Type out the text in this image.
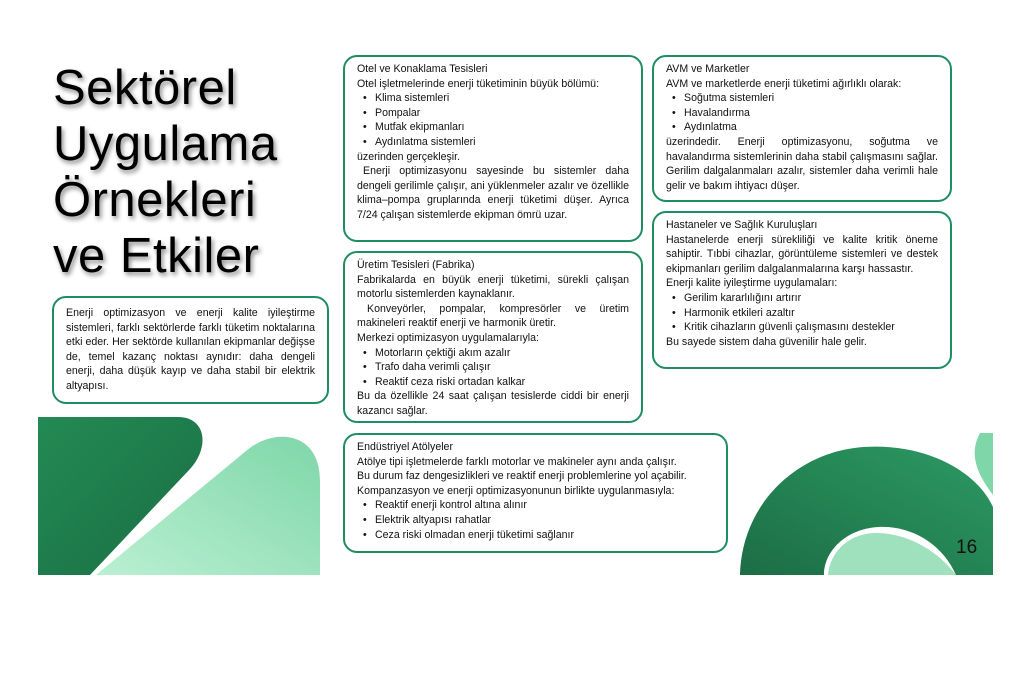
Sektörel
Uygulama
Örnekleri
ve Etkiler

Enerji optimizasyon ve enerji kalite iyileştirme sistemleri, farklı sektörlerde farklı tüketim noktalarına etki eder. Her sektörde kullanılan ekipmanlar değişse de, temel kazanç noktası aynıdır: daha dengeli enerji, daha düşük kayıp ve daha stabil bir elektrik altyapısı.

Otel ve Konaklama Tesisleri

Otel işletmelerinde enerji tüketiminin büyük bölümü:

• Klima sistemleri
• Pompalar
• Mutfak ekipmanları
• Aydınlatma sistemleri

üzerinden gerçekleşir.

Enerji optimizasyonu sayesinde bu sistemler daha dengeli gerilimle çalışır, ani yüklenmeler azalır ve özellikle klima–pompa gruplarında enerji tüketimi düşer. Ayrıca 7/24 çalışan sistemlerde ekipman ömrü uzar.

Üretim Tesisleri (Fabrika)

Fabrikalarda en büyük enerji tüketimi, sürekli çalışan motorlu sistemlerden kaynaklanır.

Konveyörler, pompalar, kompresörler ve üretim makineleri reaktif enerji ve harmonik üretir.

Merkezi optimizasyon uygulamalarıyla:

• Motorların çektiği akım azalır
• Trafo daha verimli çalışır
• Reaktif ceza riski ortadan kalkar

Bu da özellikle 24 saat çalışan tesislerde ciddi bir enerji kazancı sağlar.

AVM ve Marketler

AVM ve marketlerde enerji tüketimi ağırlıklı olarak:

• Soğutma sistemleri
• Havalandırma
• Aydınlatma

üzerindedir. Enerji optimizasyonu, soğutma ve havalandırma sistemlerinin daha stabil çalışmasını sağlar. Gerilim dalgalanmaları azalır, sistemler daha verimli hale gelir ve bakım ihtiyacı düşer.

Hastaneler ve Sağlık Kuruluşları

Hastanelerde enerji sürekliliği ve kalite kritik öneme sahiptir. Tıbbi cihazlar, görüntüleme sistemleri ve destek ekipmanları gerilim dalgalanmalarına karşı hassastır.

Enerji kalite iyileştirme uygulamaları:

• Gerilim kararlılığını artırır
• Harmonik etkileri azaltır
• Kritik cihazların güvenli çalışmasını destekler

Bu sayede sistem daha güvenilir hale gelir.

Endüstriyel Atölyeler

Atölye tipi işletmelerde farklı motorlar ve makineler aynı anda çalışır.

Bu durum faz dengesizlikleri ve reaktif enerji problemlerine yol açabilir.

Kompanzasyon ve enerji optimizasyonunun birlikte uygulanmasıyla:

• Reaktif enerji kontrol altına alınır
• Elektrik altyapısı rahatlar
• Ceza riski olmadan enerji tüketimi sağlanır
16
